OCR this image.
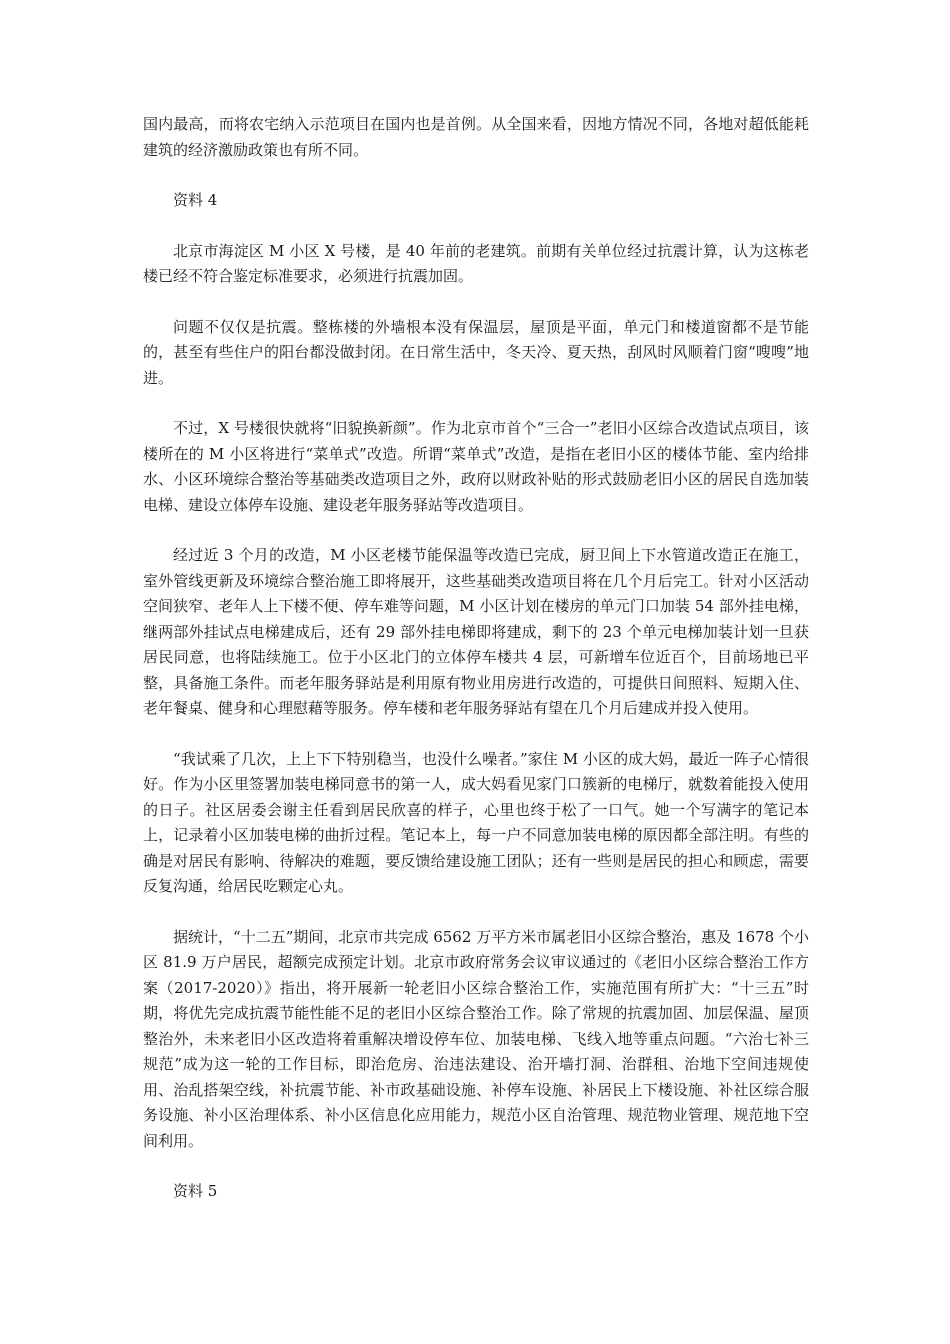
国内最高，而将农宅纳入示范项目在国内也是首例。从全国来看，因地方情况不同，各地对超低能耗建筑的经济激励政策也有所不同。

资料 4

北京市海淀区 M 小区 X 号楼，是 40 年前的老建筑。前期有关单位经过抗震计算，认为这栋老楼已经不符合鉴定标准要求，必须进行抗震加固。

问题不仅仅是抗震。整栋楼的外墙根本没有保温层，屋顶是平面，单元门和楼道窗都不是节能的，甚至有些住户的阳台都没做封闭。在日常生活中，冬天冷、夏天热，刮风时风顺着门窗“嗖嗖”地进。

不过，X 号楼很快就将“旧貌换新颜”。作为北京市首个“三合一”老旧小区综合改造试点项目，该楼所在的 M 小区将进行“菜单式”改造。所谓“菜单式”改造，是指在老旧小区的楼体节能、室内给排水、小区环境综合整治等基础类改造项目之外，政府以财政补贴的形式鼓励老旧小区的居民自选加装电梯、建设立体停车设施、建设老年服务驿站等改造项目。

经过近 3 个月的改造，M 小区老楼节能保温等改造已完成，厨卫间上下水管道改造正在施工，室外管线更新及环境综合整治施工即将展开，这些基础类改造项目将在几个月后完工。针对小区活动空间狭窄、老年人上下楼不便、停车难等问题，M 小区计划在楼房的单元门口加装 54 部外挂电梯，继两部外挂试点电梯建成后，还有 29 部外挂电梯即将建成，剩下的 23 个单元电梯加装计划一旦获居民同意，也将陆续施工。位于小区北门的立体停车楼共 4 层，可新增车位近百个，目前场地已平整，具备施工条件。而老年服务驿站是利用原有物业用房进行改造的，可提供日间照料、短期入住、老年餐桌、健身和心理慰藉等服务。停车楼和老年服务驿站有望在几个月后建成并投入使用。

“我试乘了几次，上上下下特别稳当，也没什么噪者。”家住 M 小区的成大妈，最近一阵子心情很好。作为小区里签署加装电梯同意书的第一人，成大妈看见家门口簇新的电梯厅，就数着能投入使用的日子。社区居委会谢主任看到居民欣喜的样子，心里也终于松了一口气。她一个写满字的笔记本上，记录着小区加装电梯的曲折过程。笔记本上，每一户不同意加装电梯的原因都全部注明。有些的确是对居民有影响、待解决的难题，要反馈给建设施工团队；还有一些则是居民的担心和顾虑，需要反复沟通，给居民吃颗定心丸。

据统计，“十二五”期间，北京市共完成 6562 万平方米市属老旧小区综合整治，惠及 1678 个小区 81.9 万户居民，超额完成预定计划。北京市政府常务会议审议通过的《老旧小区综合整治工作方案（2017-2020）》指出，将开展新一轮老旧小区综合整治工作，实施范围有所扩大：“十三五”时期，将优先完成抗震节能性能不足的老旧小区综合整治工作。除了常规的抗震加固、加层保温、屋顶整治外，未来老旧小区改造将着重解决增设停车位、加装电梯、飞线入地等重点问题。“六治七补三规范”成为这一轮的工作目标，即治危房、治违法建设、治开墙打洞、治群租、治地下空间违规使用、治乱搭架空线，补抗震节能、补市政基础设施、补停车设施、补居民上下楼设施、补社区综合服务设施、补小区治理体系、补小区信息化应用能力，规范小区自治管理、规范物业管理、规范地下空间利用。

资料 5
